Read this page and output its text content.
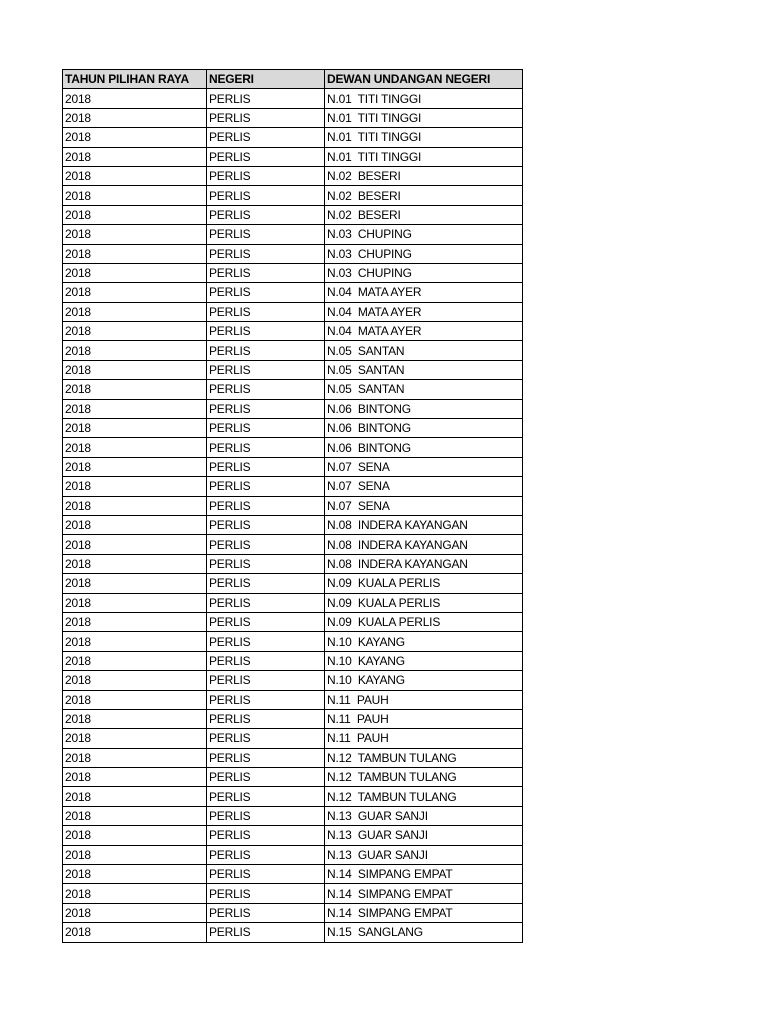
TAHUN PILIHAN RAYA	NEGERI	DEWAN UNDANGAN NEGERI
2018	PERLIS	N.01  TITI TINGGI
2018	PERLIS	N.01  TITI TINGGI
2018	PERLIS	N.01  TITI TINGGI
2018	PERLIS	N.01  TITI TINGGI
2018	PERLIS	N.02  BESERI
2018	PERLIS	N.02  BESERI
2018	PERLIS	N.02  BESERI
2018	PERLIS	N.03  CHUPING
2018	PERLIS	N.03  CHUPING
2018	PERLIS	N.03  CHUPING
2018	PERLIS	N.04  MATA AYER
2018	PERLIS	N.04  MATA AYER
2018	PERLIS	N.04  MATA AYER
2018	PERLIS	N.05  SANTAN
2018	PERLIS	N.05  SANTAN
2018	PERLIS	N.05  SANTAN
2018	PERLIS	N.06  BINTONG
2018	PERLIS	N.06  BINTONG
2018	PERLIS	N.06  BINTONG
2018	PERLIS	N.07  SENA
2018	PERLIS	N.07  SENA
2018	PERLIS	N.07  SENA
2018	PERLIS	N.08  INDERA KAYANGAN
2018	PERLIS	N.08  INDERA KAYANGAN
2018	PERLIS	N.08  INDERA KAYANGAN
2018	PERLIS	N.09  KUALA PERLIS
2018	PERLIS	N.09  KUALA PERLIS
2018	PERLIS	N.09  KUALA PERLIS
2018	PERLIS	N.10  KAYANG
2018	PERLIS	N.10  KAYANG
2018	PERLIS	N.10  KAYANG
2018	PERLIS	N.11  PAUH
2018	PERLIS	N.11  PAUH
2018	PERLIS	N.11  PAUH
2018	PERLIS	N.12  TAMBUN TULANG
2018	PERLIS	N.12  TAMBUN TULANG
2018	PERLIS	N.12  TAMBUN TULANG
2018	PERLIS	N.13  GUAR SANJI
2018	PERLIS	N.13  GUAR SANJI
2018	PERLIS	N.13  GUAR SANJI
2018	PERLIS	N.14  SIMPANG EMPAT
2018	PERLIS	N.14  SIMPANG EMPAT
2018	PERLIS	N.14  SIMPANG EMPAT
2018	PERLIS	N.15  SANGLANG
